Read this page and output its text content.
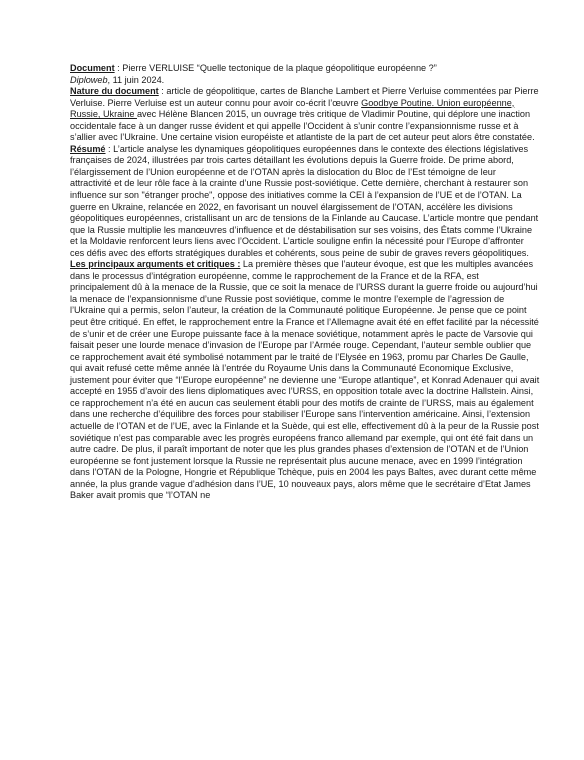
Document : Pierre VERLUISE “Quelle tectonique de la plaque géopolitique européenne ?”
Diploweb, 11 juin 2024.

Nature du document : article de géopolitique, cartes de Blanche Lambert et Pierre Verluise commentées par Pierre Verluise. Pierre Verluise est un auteur connu pour avoir co-écrit l’œuvre Goodbye Poutine. Union européenne, Russie, Ukraine avec Hélène Blancen 2015, un ouvrage très critique de Vladimir Poutine, qui déplore une inaction occidentale face à un danger russe évident et qui appelle l’Occident à s’unir contre l’expansionnisme russe et à s’allier avec l’Ukraine. Une certaine vision européiste et atlantiste de la part de cet auteur peut alors être constatée.

Résumé : L’article analyse les dynamiques géopolitiques européennes dans le contexte des élections législatives françaises de 2024, illustrées par trois cartes détaillant les évolutions depuis la Guerre froide. De prime abord, l’élargissement de l’Union européenne et de l’OTAN après la dislocation du Bloc de l’Est témoigne de leur attractivité et de leur rôle face à la crainte d’une Russie post-soviétique. Cette dernière, cherchant à restaurer son influence sur son "étranger proche", oppose des initiatives comme la CEI à l’expansion de l’UE et de l’OTAN. La guerre en Ukraine, relancée en 2022, en favorisant un nouvel élargissement de l’OTAN, accélère les divisions géopolitiques européennes, cristallisant un arc de tensions de la Finlande au Caucase. L’article montre que pendant que la Russie multiplie les manœuvres d’influence et de déstabilisation sur ses voisins, des États comme l’Ukraine et la Moldavie renforcent leurs liens avec l’Occident. L’article souligne enfin la nécessité pour l’Europe d’affronter ces défis avec des efforts stratégiques durables et cohérents, sous peine de subir de graves revers géopolitiques.

Les principaux arguments et critiques : La première thèses que l’auteur évoque, est que les multiples avancées dans le processus d’intégration européenne, comme le rapprochement de la France et de la RFA, est principalement dû à la menace de la Russie, que ce soit la menace de l’URSS durant la guerre froide ou aujourd’hui la menace de l’expansionnisme d’une Russie post soviétique, comme le montre l’exemple de l’agression de l’Ukraine qui a permis, selon l’auteur, la création de la Communauté politique Européenne. Je pense que ce point peut être critiqué. En effet, le rapprochement entre la France et l’Allemagne avait été en effet facilité par la nécessité de s’unir et de créer une Europe puissante face à la menace soviétique, notamment après le pacte de Varsovie qui faisait peser une lourde menace d’invasion de l’Europe par l’Armée rouge. Cependant, l’auteur semble oublier que ce rapprochement avait été symbolisé notamment par le traité de l’Elysée en 1963, promu par Charles De Gaulle, qui avait refusé cette même année là l’entrée du Royaume Unis dans la Communauté Economique Exclusive, justement pour éviter que “l’Europe européenne” ne devienne une “Europe atlantique”, et Konrad Adenauer qui avait accepté en 1955 d’avoir des liens diplomatiques avec l’URSS, en opposition totale avec la doctrine Hallstein. Ainsi, ce rapprochement n’a été en aucun cas seulement établi pour des motifs de crainte de l’URSS, mais au également dans une recherche d’équilibre des forces pour stabiliser l’Europe sans l’intervention américaine. Ainsi, l’extension actuelle de l’OTAN et de l’UE, avec la Finlande et la Suède, qui est elle, effectivement dû à la peur de la Russie post soviétique n’est pas comparable avec les progrès européens franco allemand par exemple, qui ont été fait dans un autre cadre. De plus, il paraît important de noter que les plus grandes phases d’extension de l’OTAN et de l’Union européenne se font justement lorsque la Russie ne représentait plus aucune menace, avec en 1999 l’intégration dans l’OTAN de la Pologne, Hongrie et République Tchèque, puis en 2004 les pays Baltes, avec durant cette même année, la plus grande vague d’adhésion dans l’UE, 10 nouveaux pays, alors même que le secrétaire d’Etat James Baker avait promis que “l’OTAN ne
